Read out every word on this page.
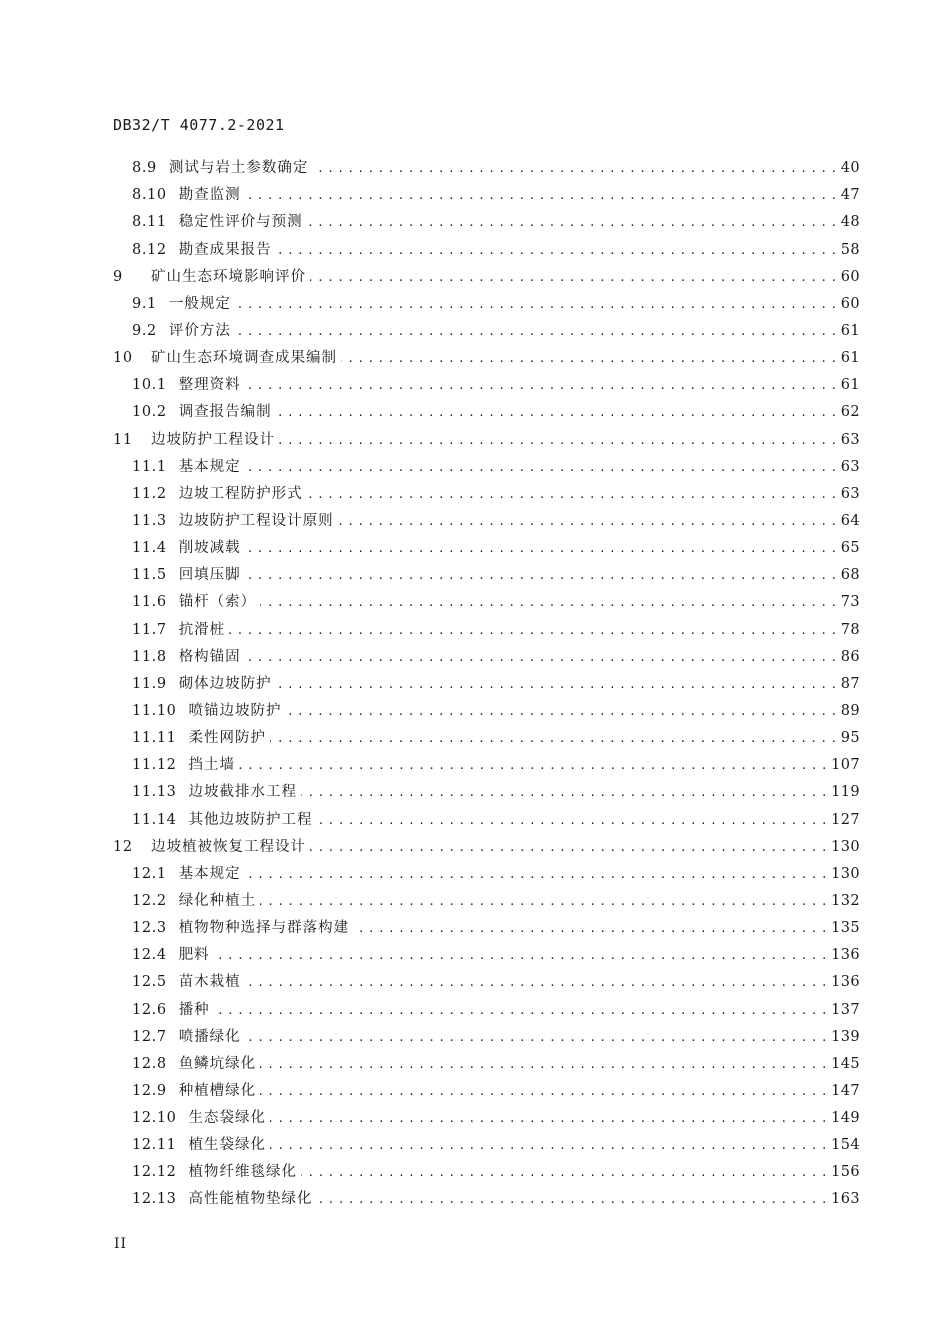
DB32/T 4077.2-2021
8.9 测试与岩土参数确定 . . .	40
8.10 勘查监测 . . .	47
8.11 稳定性评价与预测 . . .	48
8.12 勘查成果报告 . . .	58
9	矿山生态环境影响评价 . . .	60
9.1 一般规定 . . .	60
9.2 评价方法 . . .	61
10	矿山生态环境调查成果编制 . . .	61
10.1 整理资料 . . .	61
10.2 调查报告编制 . . .	62
11	边坡防护工程设计 . . .	63
11.1 基本规定 . . .	63
11.2 边坡工程防护形式 . . .	63
11.3 边坡防护工程设计原则 . . .	64
11.4 削坡减载 . . .	65
11.5 回填压脚 . . .	68
11.6 锚杆（索） . . .	73
11.7 抗滑桩 . . .	78
11.8 格构锚固 . . .	86
11.9 砌体边坡防护 . . .	87
11.10 喷锚边坡防护 . . .	89
11.11 柔性网防护 . . .	95
11.12 挡土墙 . . .	107
11.13 边坡截排水工程 . . .	119
11.14 其他边坡防护工程 . . .	127
12	边坡植被恢复工程设计 . . .	130
12.1 基本规定 . . .	130
12.2 绿化种植土 . . .	132
12.3 植物物种选择与群落构建 . . .	135
12.4 肥料 . . .	136
12.5 苗木栽植 . . .	136
12.6 播种 . . .	137
12.7 喷播绿化 . . .	139
12.8 鱼鳞坑绿化 . . .	145
12.9 种植槽绿化 . . .	147
12.10 生态袋绿化 . . .	149
12.11 植生袋绿化 . . .	154
12.12 植物纤维毯绿化 . . .	156
12.13 高性能植物垫绿化 . . .	163
II
